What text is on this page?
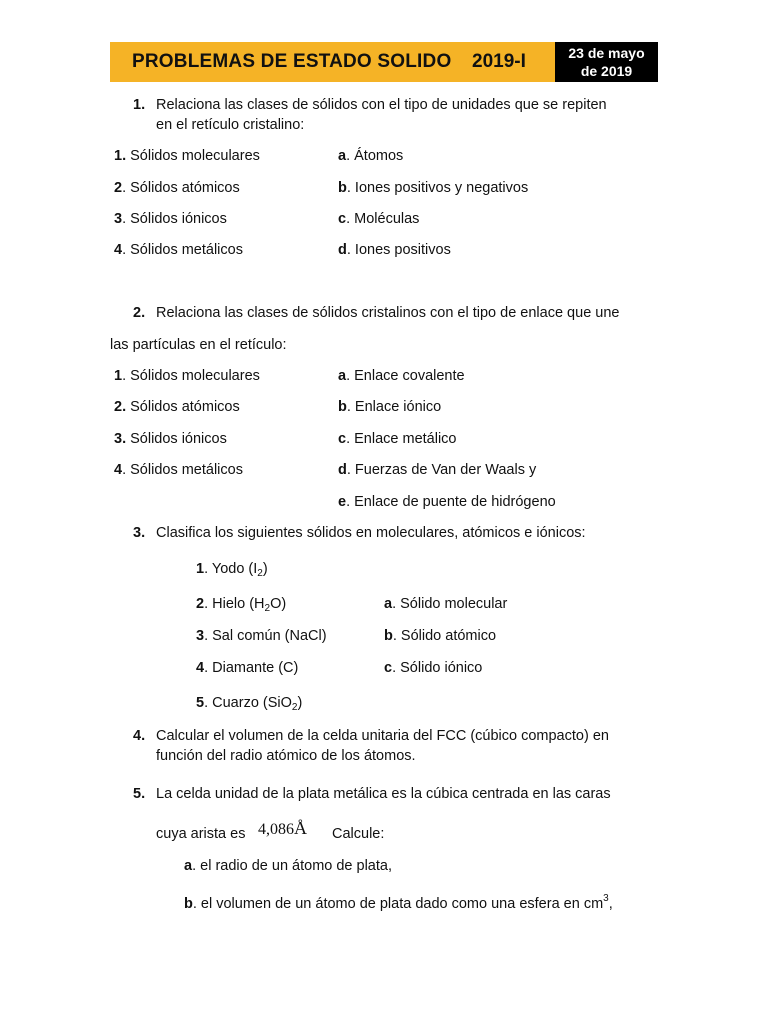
PROBLEMAS DE ESTADO SOLIDO 2019-I	23 de mayo
de 2019
1. Relaciona las clases de sólidos con el tipo de unidades que se repiten
en el retículo cristalino:
1. Sólidos moleculares
2. Sólidos atómicos
3. Sólidos iónicos
4. Sólidos metálicos
a. Átomos
b. Iones positivos y negativos
c. Moléculas
d. Iones positivos
2. Relaciona las clases de sólidos cristalinos con el tipo de enlace que une
las partículas en el retículo:
1. Sólidos moleculares
2. Sólidos atómicos
3. Sólidos iónicos
4. Sólidos metálicos
a. Enlace covalente
b. Enlace iónico
c. Enlace metálico
d. Fuerzas de Van der Waals y
e. Enlace de puente de hidrógeno
3. Clasifica los siguientes sólidos en moleculares, atómicos e iónicos:
1. Yodo $(I_2)$
2. Hielo $(H_2O)$
3. Sal común (NaCl)
4. Diamante (C)
5. Cuarzo (SiO$_2$)
a. Sólido molecular
b. Sólido atómico
c. Sólido iónico
4. Calcular el volumen de la celda unitaria del FCC (cúbico compacto) en
función del radio atómico de los átomos.
5. La celda unidad de la plata metálica es la cúbica centrada en las caras
cuya arista es 4,086Å Calcule:
a. el radio de un átomo de plata,
b. el volumen de un átomo de plata dado como una esfera en $cm^3$,
